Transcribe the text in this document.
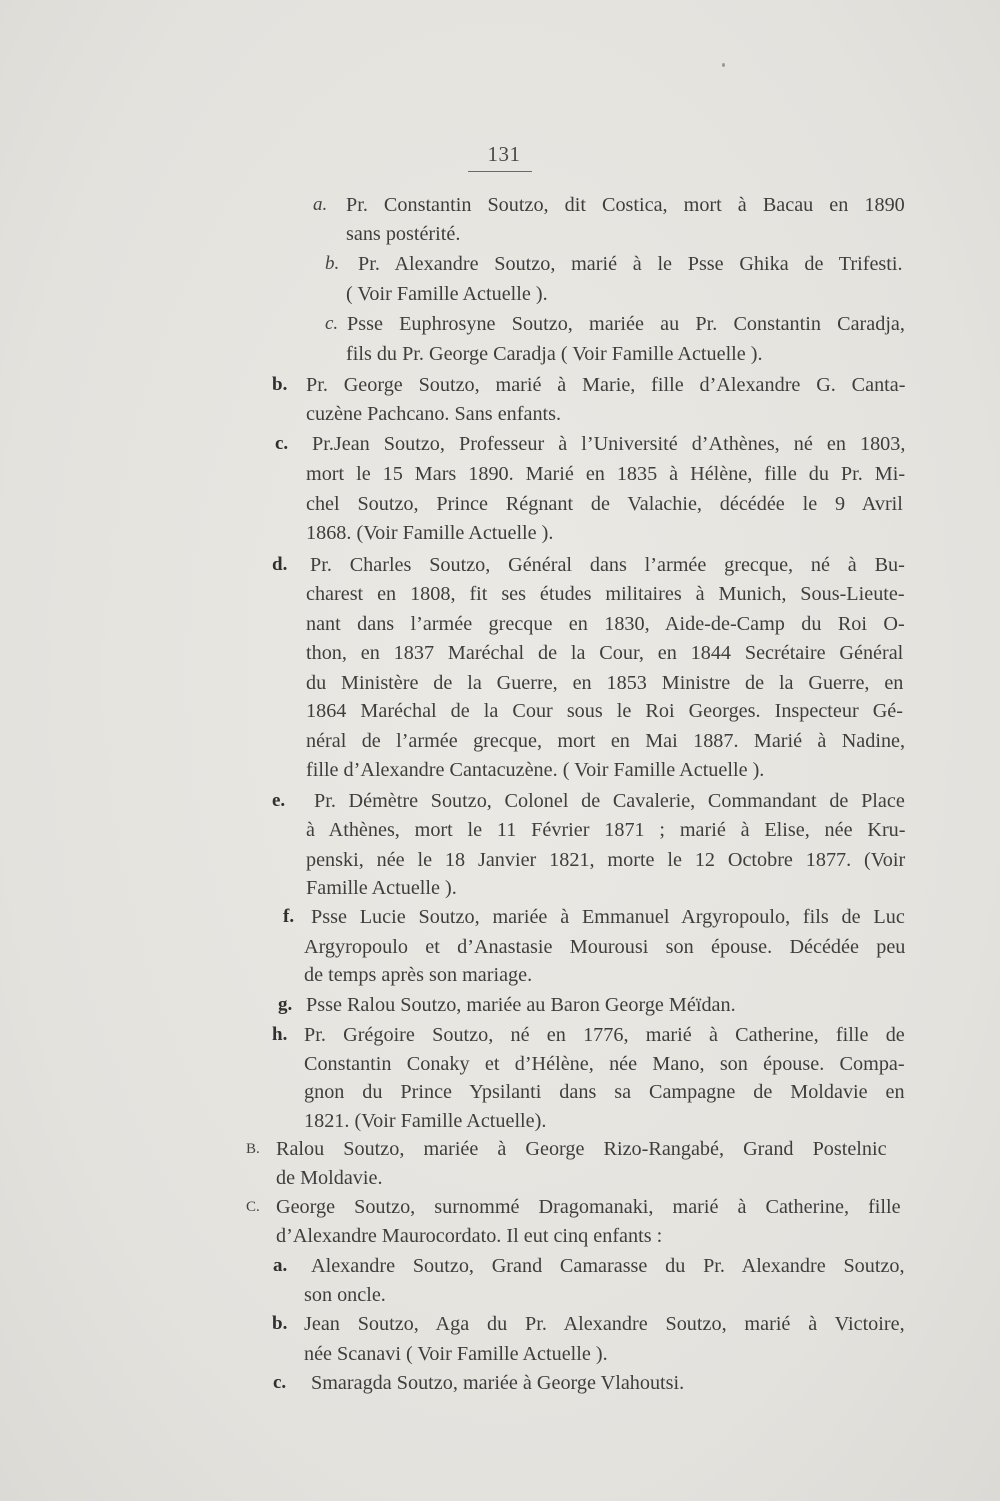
131
a. Pr. Constantin Soutzo, dit Costica, mort à Bacau en 1890
sans postérité.
b. Pr. Alexandre Soutzo, marié à le Psse Ghika de Trifesti.
( Voir Famille Actuelle ).
c. Psse Euphrosyne Soutzo, mariée au Pr. Constantin Caradja,
fils du Pr. George Caradja ( Voir Famille Actuelle ).
b. Pr. George Soutzo, marié à Marie, fille d’Alexandre G. Canta-
cuzène Pachcano. Sans enfants.
c. Pr.Jean Soutzo, Professeur à l’Université d’Athènes, né en 1803,
mort le 15 Mars 1890. Marié en 1835 à Hélène, fille du Pr. Mi-
chel Soutzo, Prince Régnant de Valachie, décédée le 9 Avril
1868. (Voir Famille Actuelle ).
d. Pr. Charles Soutzo, Général dans l’armée grecque, né à Bu-
charest en 1808, fit ses études militaires à Munich, Sous-Lieute-
nant dans l’armée grecque en 1830, Aide-de-Camp du Roi O-
thon, en 1837 Maréchal de la Cour, en 1844 Secrétaire Général
du Ministère de la Guerre, en 1853 Ministre de la Guerre, en
1864 Maréchal de la Cour sous le Roi Georges. Inspecteur Gé-
néral de l’armée grecque, mort en Mai 1887. Marié à Nadine,
fille d’Alexandre Cantacuzène. ( Voir Famille Actuelle ).
e. Pr. Démètre Soutzo, Colonel de Cavalerie, Commandant de Place
à Athènes, mort le 11 Février 1871 ; marié à Elise, née Kru-
penski, née le 18 Janvier 1821, morte le 12 Octobre 1877. (Voir
Famille Actuelle ).
f. Psse Lucie Soutzo, mariée à Emmanuel Argyropoulo, fils de Luc
Argyropoulo et d’Anastasie Mourousi son épouse. Décédée peu
de temps après son mariage.
g. Psse Ralou Soutzo, mariée au Baron George Méïdan.
h. Pr. Grégoire Soutzo, né en 1776, marié à Catherine, fille de
Constantin Conaky et d’Hélène, née Mano, son épouse. Compa-
gnon du Prince Ypsilanti dans sa Campagne de Moldavie en
1821. (Voir Famille Actuelle).
B. Ralou Soutzo, mariée à George Rizo-Rangabé, Grand Postelnic
de Moldavie.
C. George Soutzo, surnommé Dragomanaki, marié à Catherine, fille
d’Alexandre Maurocordato. Il eut cinq enfants :
a. Alexandre Soutzo, Grand Camarasse du Pr. Alexandre Soutzo,
son oncle.
b. Jean Soutzo, Aga du Pr. Alexandre Soutzo, marié à Victoire,
née Scanavi ( Voir Famille Actuelle ).
c. Smaragda Soutzo, mariée à George Vlahoutsi.
